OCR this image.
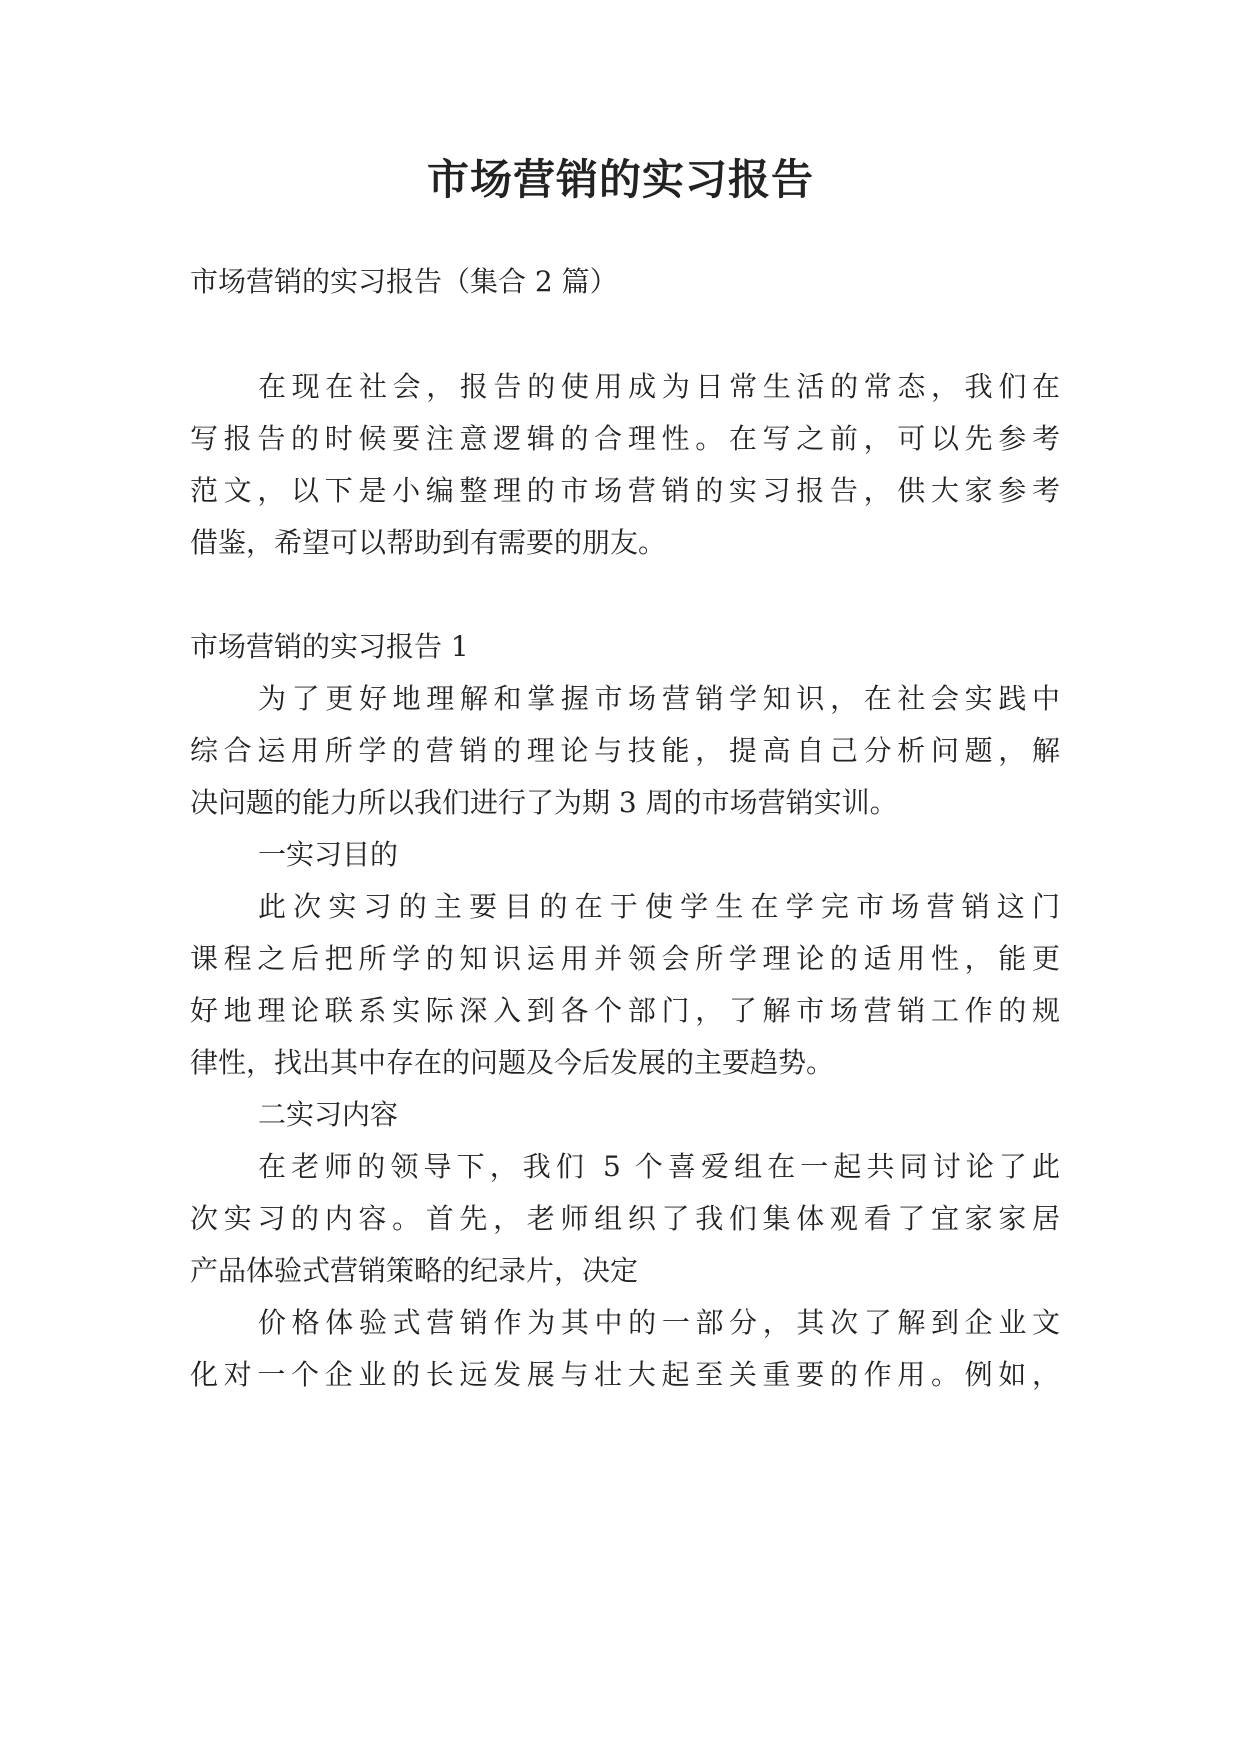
市场营销的实习报告

市场营销的实习报告（集合 2 篇）

在现在社会，报告的使用成为日常生活的常态，我们在

写报告的时候要注意逻辑的合理性。在写之前，可以先参考

范文，以下是小编整理的市场营销的实习报告，供大家参考

借鉴，希望可以帮助到有需要的朋友。

市场营销的实习报告 1

为了更好地理解和掌握市场营销学知识，在社会实践中

综合运用所学的营销的理论与技能，提高自己分析问题，解

决问题的能力所以我们进行了为期 3 周的市场营销实训。

一实习目的

此次实习的主要目的在于使学生在学完市场营销这门

课程之后把所学的知识运用并领会所学理论的适用性，能更

好地理论联系实际深入到各个部门，了解市场营销工作的规

律性，找出其中存在的问题及今后发展的主要趋势。

二实习内容

在老师的领导下，我们 5 个喜爱组在一起共同讨论了此

次实习的内容。首先，老师组织了我们集体观看了宜家家居

产品体验式营销策略的纪录片，决定

价格体验式营销作为其中的一部分，其次了解到企业文

化对一个企业的长远发展与壮大起至关重要的作用。例如，
